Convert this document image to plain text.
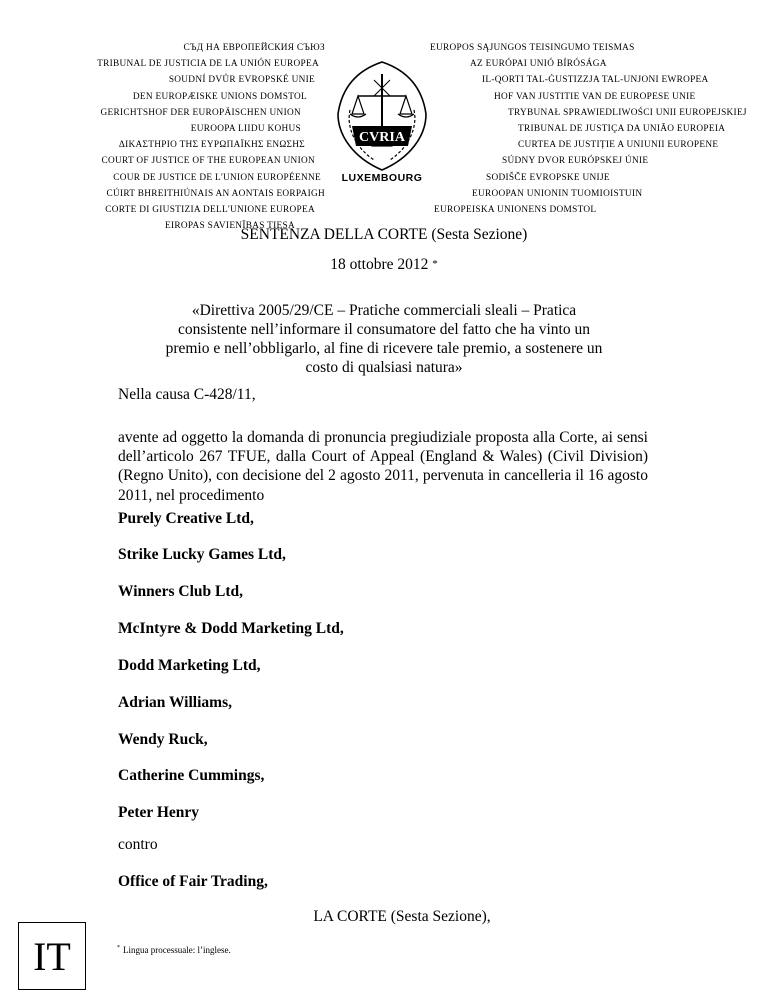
СЪД НА ЕВРОПЕЙСКИЯ СЪЮЗ
TRIBUNAL DE JUSTICIA DE LA UNIÓN EUROPEA
SOUDNÍ DVŮR EVROPSKÉ UNIE
DEN EUROPÆISKE UNIONS DOMSTOL
GERICHTSHOF DER EUROPÄISCHEN UNION
EUROOPA LIIDU KOHUS
ΔΙΚΑΣΤΗΡΙΟ ΤΗΣ ΕΥΡΩΠΑΪΚΗΣ ΕΝΩΣΗΣ
COURT OF JUSTICE OF THE EUROPEAN UNION
COUR DE JUSTICE DE L'UNION EUROPÉENNE
CÚIRT BHREITHIÚNAIS AN AONTAIS EORPAIGH
CORTE DI GIUSTIZIA DELL'UNIONE EUROPEA
EIROPAS SAVIENĪBAS TIESA
CVRIA
LUXEMBOURG
EUROPOS SĄJUNGOS TEISINGUMO TEISMAS
AZ EURÓPAI UNIÓ BÍRÓSÁGA
IL-QORTI TAL-ĠUSTIZZJA TAL-UNJONI EWROPEA
HOF VAN JUSTITIE VAN DE EUROPESE UNIE
TRYBUNAŁ SPRAWIEDLIWOŚCI UNII EUROPEJSKIEJ
TRIBUNAL DE JUSTIÇA DA UNIÃO EUROPEIA
CURTEA DE JUSTIȚIE A UNIUNII EUROPENE
SÚDNY DVOR EURÓPSKEJ ÚNIE
SODIŠČE EVROPSKE UNIJE
EUROOPAN UNIONIN TUOMIOISTUIN
EUROPEISKA UNIONENS DOMSTOL
SENTENZA DELLA CORTE (Sesta Sezione)
18 ottobre 2012 *
«Direttiva 2005/29/CE – Pratiche commerciali sleali – Pratica consistente nell’informare il consumatore del fatto che ha vinto un premio e nell’obbligarlo, al fine di ricevere tale premio, a sostenere un costo di qualsiasi natura»
Nella causa C-428/11,
avente ad oggetto la domanda di pronuncia pregiudiziale proposta alla Corte, ai sensi dell’articolo 267 TFUE, dalla Court of Appeal (England & Wales) (Civil Division) (Regno Unito), con decisione del 2 agosto 2011, pervenuta in cancelleria il 16 agosto 2011, nel procedimento
Purely Creative Ltd,
Strike Lucky Games Ltd,
Winners Club Ltd,
McIntyre & Dodd Marketing Ltd,
Dodd Marketing Ltd,
Adrian Williams,
Wendy Ruck,
Catherine Cummings,
Peter Henry
contro
* Lingua processuale: l’inglese.
IT
Office of Fair Trading,
LA CORTE (Sesta Sezione),
